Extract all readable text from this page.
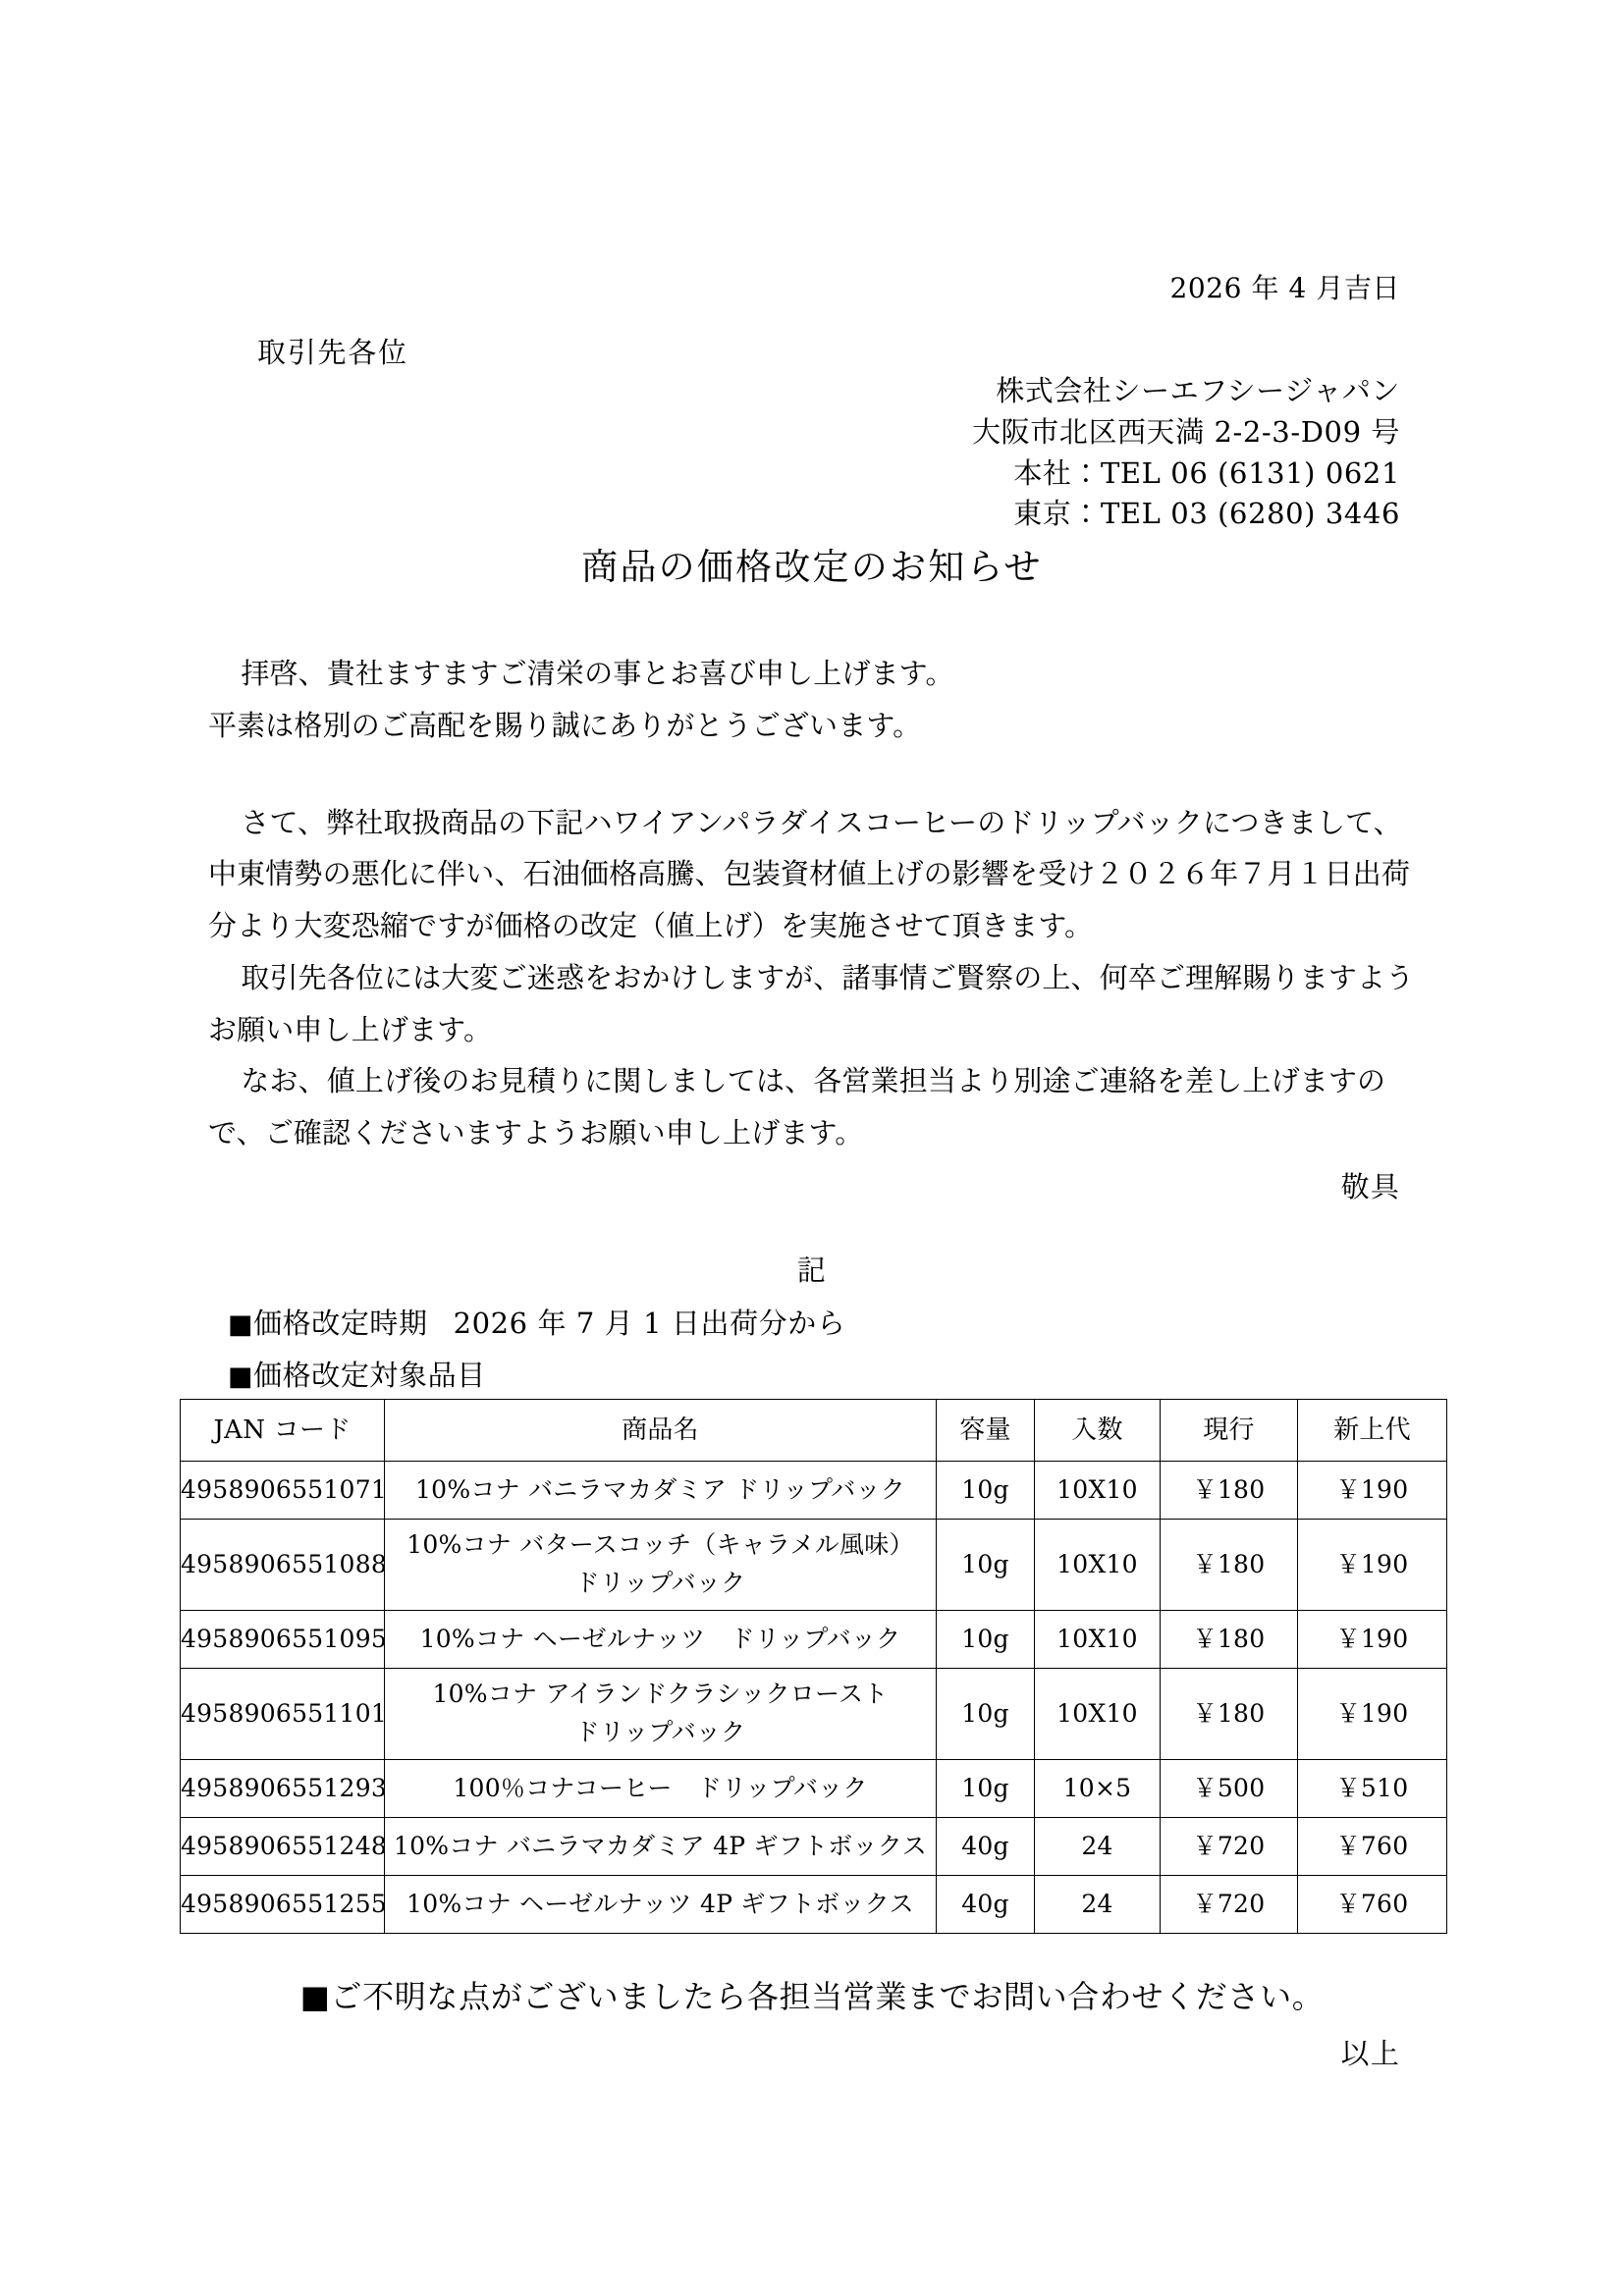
2026 年 4 月吉日
取引先各位
株式会社シーエフシージャパン
大阪市北区西天満 2-2-3-D09 号
本社：TEL 06 (6131) 0621
東京：TEL 03 (6280) 3446
商品の価格改定のお知らせ

拝啓、貴社ますますご清栄の事とお喜び申し上げます。

平素は格別のご高配を賜り誠にありがとうございます。

さて、弊社取扱商品の下記ハワイアンパラダイスコーヒーのドリップバックにつきまして、中東情勢の悪化に伴い、石油価格高騰、包装資材値上げの影響を受け２０２６年７月１日出荷分より大変恐縮ですが価格の改定（値上げ）を実施させて頂きます。

取引先各位には大変ご迷惑をおかけしますが、諸事情ご賢察の上、何卒ご理解賜りますようお願い申し上げます。

なお、値上げ後のお見積りに関しましては、各営業担当より別途ご連絡を差し上げますので、ご確認くださいますようお願い申し上げます。

敬具
記
■価格改定時期 2026 年 7 月 1 日出荷分から
■価格改定対象品目
JAN コード	商品名	容量	入数	現行	新上代
4958906551071	10%コナ バニラマカダミア ドリップバック	10g	10X10	￥180	￥190
4958906551088	10%コナ バタースコッチ（キャラメル風味）
ドリップバック	10g	10X10	￥180	￥190
4958906551095	10%コナ ヘーゼルナッツ　ドリップバック	10g	10X10	￥180	￥190
4958906551101	10%コナ アイランドクラシックロースト
ドリップバック	10g	10X10	￥180	￥190
4958906551293	100％コナコーヒー　ドリップバック	10g	10×5	￥500	￥510
4958906551248	10%コナ バニラマカダミア 4P ギフトボックス	40g	24	￥720	￥760
4958906551255	10%コナ ヘーゼルナッツ 4P ギフトボックス	40g	24	￥720	￥760
■ご不明な点がございましたら各担当営業までお問い合わせください。
以上
